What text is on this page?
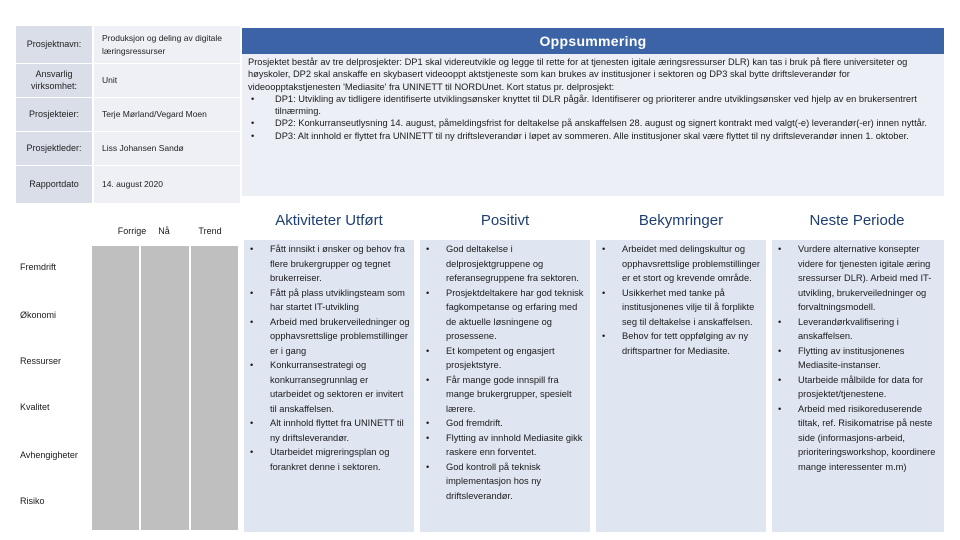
Prosjektnavn:
Produksjon og deling av digitale læringsressurser
Ansvarlig virksomhet:
Unit
Prosjekteier:	Terje Mørland/Vegard Moen
Prosjektleder:	Liss Johansen Sandø
Rapportdato	14. august 2020
Oppsummering

Prosjektet består av tre delprosjekter: DP1 skal videreutvikle og legge til rette for at tjenesten igitale æringsressurser DLR) kan tas i bruk på flere universiteter og høyskoler, DP2 skal anskaffe en skybasert videooppt aktstjeneste som kan brukes av institusjoner i sektoren og DP3 skal bytte driftsleverandør for videoopptakstjenesten 'Mediasite' fra UNINETT til NORDUnet. Kort status pr. delprosjekt:

• DP1: Utvikling av tidligere identifiserte utviklingsønsker knyttet til DLR pågår. Identifiserer og prioriterer andre utviklingsønsker ved hjelp av en brukersentrert tilnærming.
• DP2: Konkurranseutlysning 14. august, påmeldingsfrist for deltakelse på anskaffelsen 28. august og signert kontrakt med valgt(-e) leverandør(-er) innen nyttår.
• DP3: Alt innhold er flyttet fra UNINETT til ny driftsleverandør i løpet av sommeren. Alle institusjoner skal være flyttet til ny driftsleverandør innen 1. oktober.
Forrige	Nå	Trend
Fremdrift
Økonomi
Ressurser
Kvalitet
Avhengigheter
Risiko
Aktiviteter Utført	Positivt	Bekymringer	Neste Periode
• Fått innsikt i ønsker og behov fra flere brukergrupper og tegnet brukerreiser.
• Fått på plass utviklingsteam som har startet IT-utvikling
• Arbeid med brukerveiledninger og opphavsrettslige problemstillinger er i gang
• Konkurransestrategi og konkurransegrunnlag er utarbeidet og sektoren er invitert til anskaffelsen.
• Alt innhold flyttet fra UNINETT til ny driftsleverandør.
• Utarbeidet migreringsplan og forankret denne i sektoren.
• God deltakelse i delprosjektgruppene og referansegruppene fra sektoren.
• Prosjektdeltakere har god teknisk fagkompetanse og erfaring med de aktuelle løsningene og prosessene.
• Et kompetent og engasjert prosjektstyre.
• Får mange gode innspill fra mange brukergrupper, spesielt lærere.
• God fremdrift.
• Flytting av innhold Mediasite gikk raskere enn forventet.
• God kontroll på teknisk implementasjon hos ny driftsleverandør.
• Arbeidet med delingskultur og opphavsrettslige problemstillinger er et stort og krevende område.
• Usikkerhet med tanke på institusjonenes vilje til å forplikte seg til deltakelse i anskaffelsen.
• Behov for tett oppfølging av ny driftspartner for Mediasite.
• Vurdere alternative konsepter videre for tjenesten igitale æring sressurser DLR). Arbeid med IT-utvikling, brukerveiledninger og forvaltningsmodell.
• Leverandørkvalifisering i anskaffelsen.
• Flytting av institusjonenes Mediasite-instanser.
• Utarbeide målbilde for data for prosjektet/tjenestene.
• Arbeid med risikoreduserende tiltak, ref. Risikomatrise på neste side (informasjons-arbeid, prioriteringsworkshop, koordinere mange interessenter m.m)
